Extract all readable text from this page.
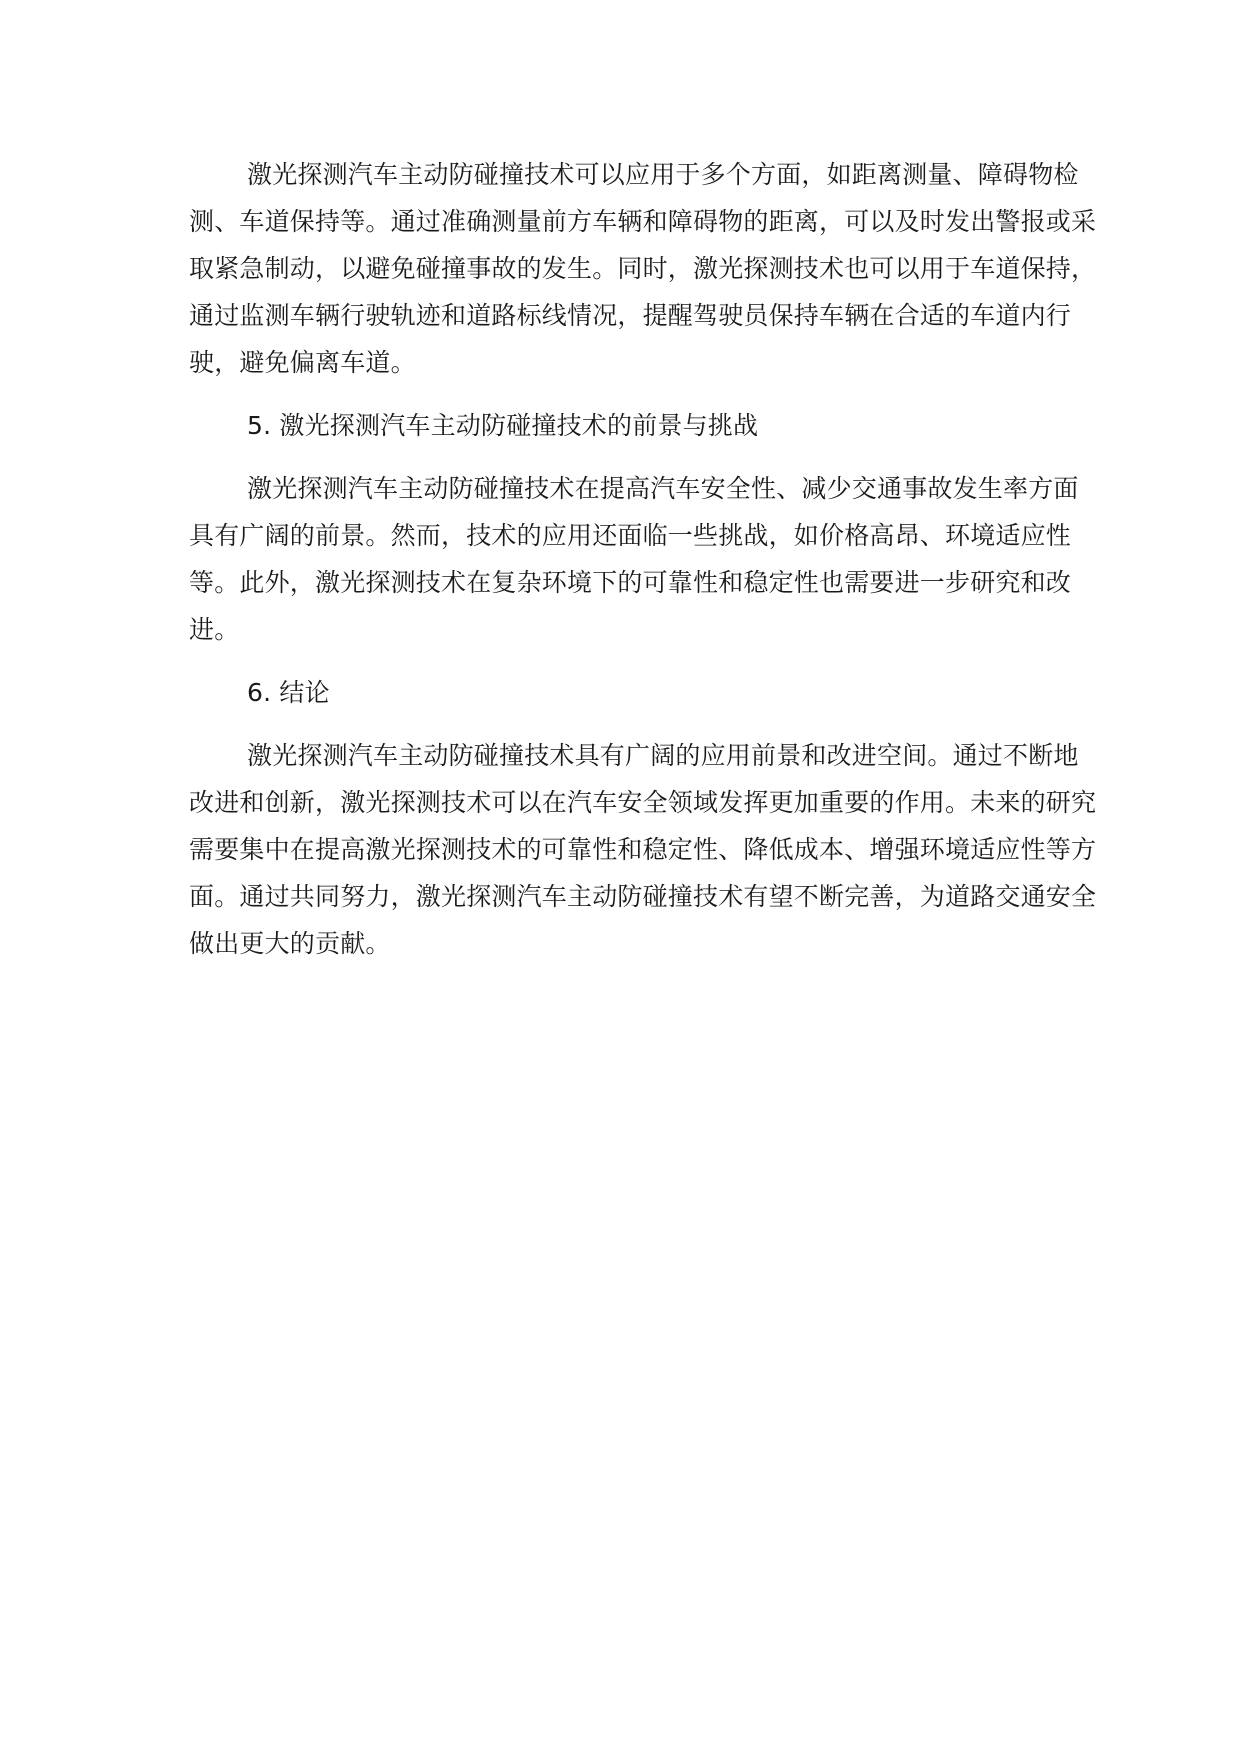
激光探测汽车主动防碰撞技术可以应用于多个方面，如距离测量、障碍物检测、车道保持等。通过准确测量前方车辆和障碍物的距离，可以及时发出警报或采取紧急制动，以避免碰撞事故的发生。同时，激光探测技术也可以用于车道保持，通过监测车辆行驶轨迹和道路标线情况，提醒驾驶员保持车辆在合适的车道内行驶，避免偏离车道。

5. 激光探测汽车主动防碰撞技术的前景与挑战

激光探测汽车主动防碰撞技术在提高汽车安全性、减少交通事故发生率方面具有广阔的前景。然而，技术的应用还面临一些挑战，如价格高昂、环境适应性等。此外，激光探测技术在复杂环境下的可靠性和稳定性也需要进一步研究和改进。

6. 结论

激光探测汽车主动防碰撞技术具有广阔的应用前景和改进空间。通过不断地改进和创新，激光探测技术可以在汽车安全领域发挥更加重要的作用。未来的研究需要集中在提高激光探测技术的可靠性和稳定性、降低成本、增强环境适应性等方面。通过共同努力，激光探测汽车主动防碰撞技术有望不断完善，为道路交通安全做出更大的贡献。
